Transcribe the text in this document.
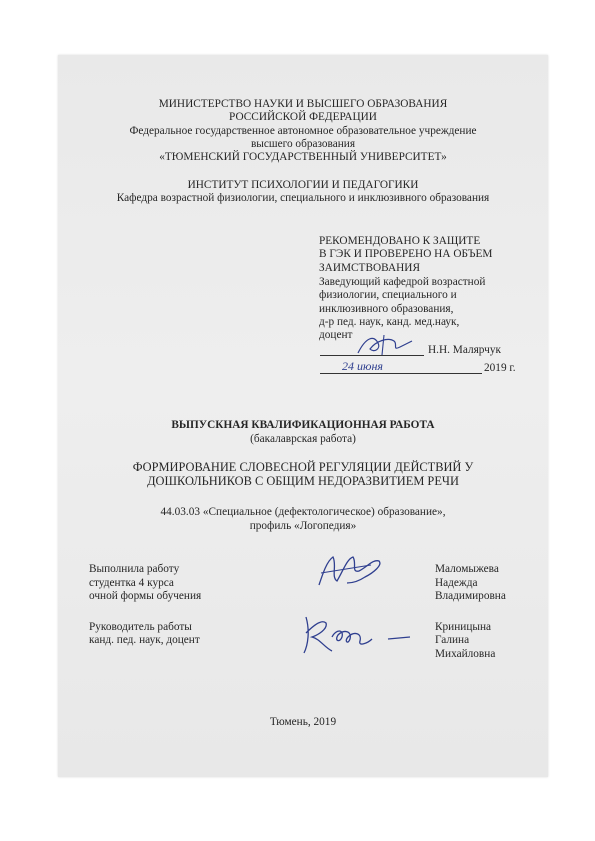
МИНИСТЕРСТВО НАУКИ И ВЫСШЕГО ОБРАЗОВАНИЯ
РОССИЙСКОЙ ФЕДЕРАЦИИ
Федеральное государственное автономное образовательное учреждение
высшего образования
«ТЮМЕНСКИЙ ГОСУДАРСТВЕННЫЙ УНИВЕРСИТЕТ»
ИНСТИТУТ ПСИХОЛОГИИ И ПЕДАГОГИКИ
Кафедра возрастной физиологии, специального и инклюзивного образования
РЕКОМЕНДОВАНО К ЗАЩИТЕ
В ГЭК И ПРОВЕРЕНО НА ОБЪЕМ
ЗАИМСТВОВАНИЯ
Заведующий кафедрой возрастной
физиологии, специального и
инклюзивного образования,
д-р пед. наук, канд. мед.наук,
доцент
Н.Н. Малярчук
24 июня	2019 г.
ВЫПУСКНАЯ КВАЛИФИКАЦИОННАЯ РАБОТА
(бакалаврская работа)
ФОРМИРОВАНИЕ СЛОВЕСНОЙ РЕГУЛЯЦИИ ДЕЙСТВИЙ У
ДОШКОЛЬНИКОВ С ОБЩИМ НЕДОРАЗВИТИЕМ РЕЧИ
44.03.03 «Специальное (дефектологическое) образование»,
профиль «Логопедия»
Выполнила работу
студентка 4 курса
очной формы обучения
Маломыжева
Надежда
Владимировна
Руководитель работы
канд. пед. наук, доцент
Криницына
Галина
Михайловна
Тюмень, 2019
